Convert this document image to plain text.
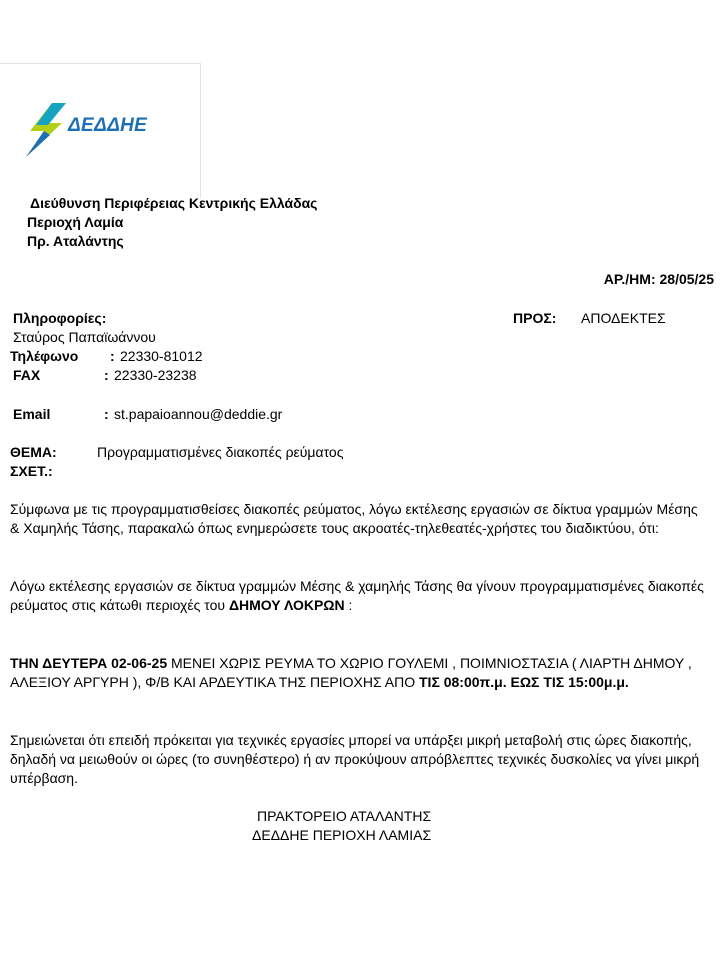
ΔΕΔΔΗΕ
Διεύθυνση Περιφέρειας Κεντρικής Ελλάδας
Περιοχή Λαμία
Πρ. Αταλάντης
ΑΡ./ΗΜ: 28/05/25
Πληροφορίες:
Σταύρος Παπαϊωάννου
Τηλέφωνο : 22330-81012
FAX	: 22330-23238
Email	: st.papaioannou@deddie.gr
ΠΡΟΣ: ΑΠΟΔΕΚΤΕΣ
ΘΕΜΑ:	Προγραμματισμένες διακοπές ρεύματος
ΣΧΕΤ.:
Σύμφωνα με τις προγραμματισθείσες διακοπές ρεύματος, λόγω εκτέλεσης εργασιών σε δίκτυα γραμμών Μέσης & Χαμηλής Τάσης, παρακαλώ όπως ενημερώσετε τους ακροατές-τηλεθεατές-χρήστες του διαδικτύου, ότι:
Λόγω εκτέλεσης εργασιών σε δίκτυα γραμμών Μέσης & χαμηλής Τάσης θα γίνουν προγραμματισμένες διακοπές ρεύματος στις κάτωθι περιοχές του ΔΗΜΟΥ ΛΟΚΡΩΝ :
ΤΗΝ ΔΕΥΤΕΡΑ 02-06-25 ΜΕΝΕΙ ΧΩΡΙΣ ΡΕΥΜΑ ΤΟ ΧΩΡΙΟ ΓΟΥΛΕΜΙ , ΠΟΙΜΝΙΟΣΤΑΣΙΑ ( ΛΙΑΡΤΗ ΔΗΜΟΥ , ΑΛΕΞΙΟΥ ΑΡΓΥΡΗ ), Φ/Β ΚΑΙ ΑΡΔΕΥΤΙΚΑ ΤΗΣ ΠΕΡΙΟΧΗΣ ΑΠΟ ΤΙΣ 08:00π.μ. ΕΩΣ ΤΙΣ 15:00μ.μ.
Σημειώνεται ότι επειδή πρόκειται για τεχνικές εργασίες μπορεί να υπάρξει μικρή μεταβολή στις ώρες διακοπής, δηλαδή να μειωθούν οι ώρες (το συνηθέστερο) ή αν προκύψουν απρόβλεπτες τεχνικές δυσκολίες να γίνει μικρή υπέρβαση.
ΠΡΑΚΤΟΡΕΙΟ ΑΤΑΛΑΝΤΗΣ
ΔΕΔΔΗΕ ΠΕΡΙΟΧΗ ΛΑΜΙΑΣ
